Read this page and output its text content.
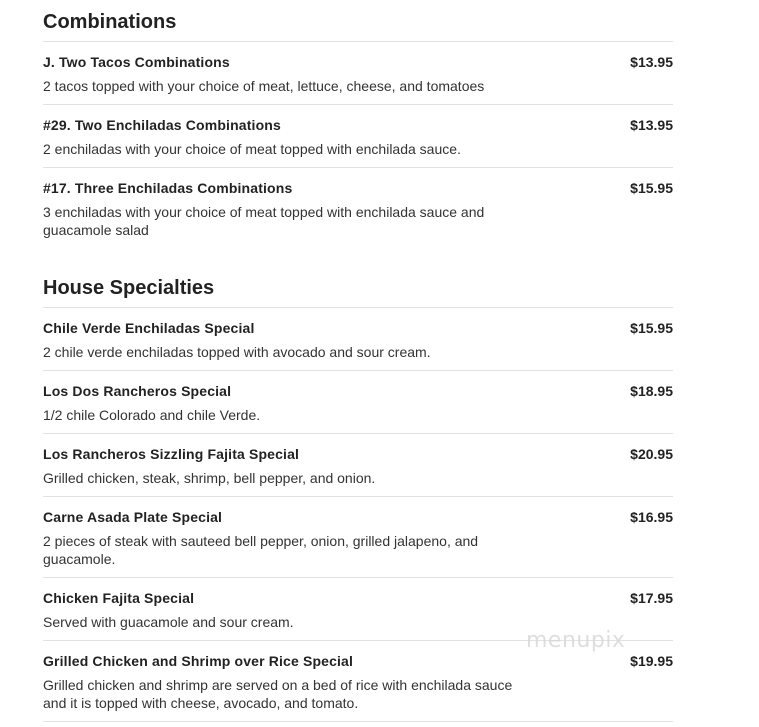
Combinations
J. Two Tacos Combinations	$13.95
2 tacos topped with your choice of meat, lettuce, cheese, and tomatoes
#29. Two Enchiladas Combinations	$13.95
2 enchiladas with your choice of meat topped with enchilada sauce.
#17. Three Enchiladas Combinations	$15.95
3 enchiladas with your choice of meat topped with enchilada sauce and guacamole salad
House Specialties
Chile Verde Enchiladas Special	$15.95
2 chile verde enchiladas topped with avocado and sour cream.
Los Dos Rancheros Special	$18.95
1/2 chile Colorado and chile Verde.
Los Rancheros Sizzling Fajita Special	$20.95
Grilled chicken, steak, shrimp, bell pepper, and onion.
Carne Asada Plate Special	$16.95
2 pieces of steak with sauteed bell pepper, onion, grilled jalapeno, and guacamole.
Chicken Fajita Special	$17.95
Served with guacamole and sour cream.
Grilled Chicken and Shrimp over Rice Special	$19.95
Grilled chicken and shrimp are served on a bed of rice with enchilada sauce and it is topped with cheese, avocado, and tomato.
menupix
